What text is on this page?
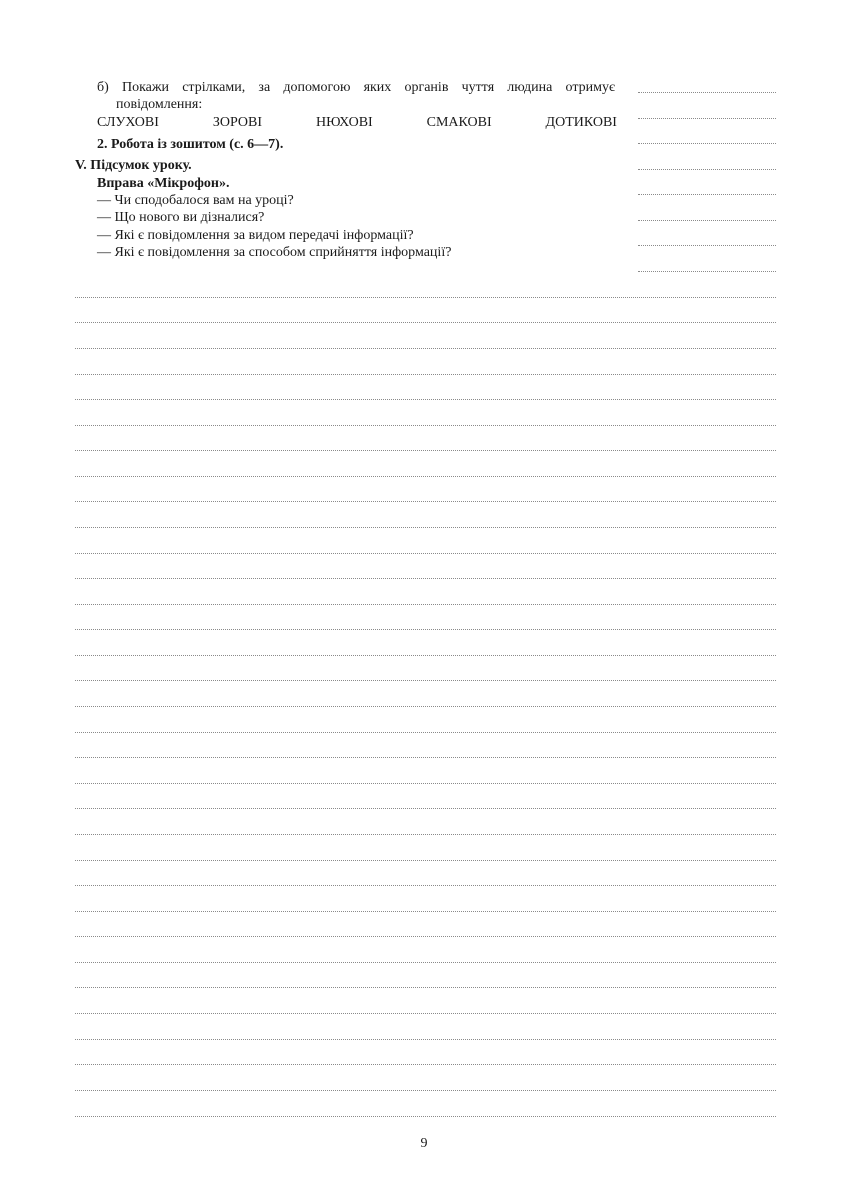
б) Покажи стрілками, за допомогою яких органів чуття людина отримує
повідомлення:
СЛУХОВІ	ЗОРОВІ	НЮХОВІ	СМАКОВІ	ДОТИКОВІ
2. Робота із зошитом (с. 6—7).
V. Підсумок уроку.
Вправа «Мікрофон».
— Чи сподобалося вам на уроці?
— Що нового ви дізналися?
— Які є повідомлення за видом передачі інформації?
— Які є повідомлення за способом сприйняття інформації?
9
